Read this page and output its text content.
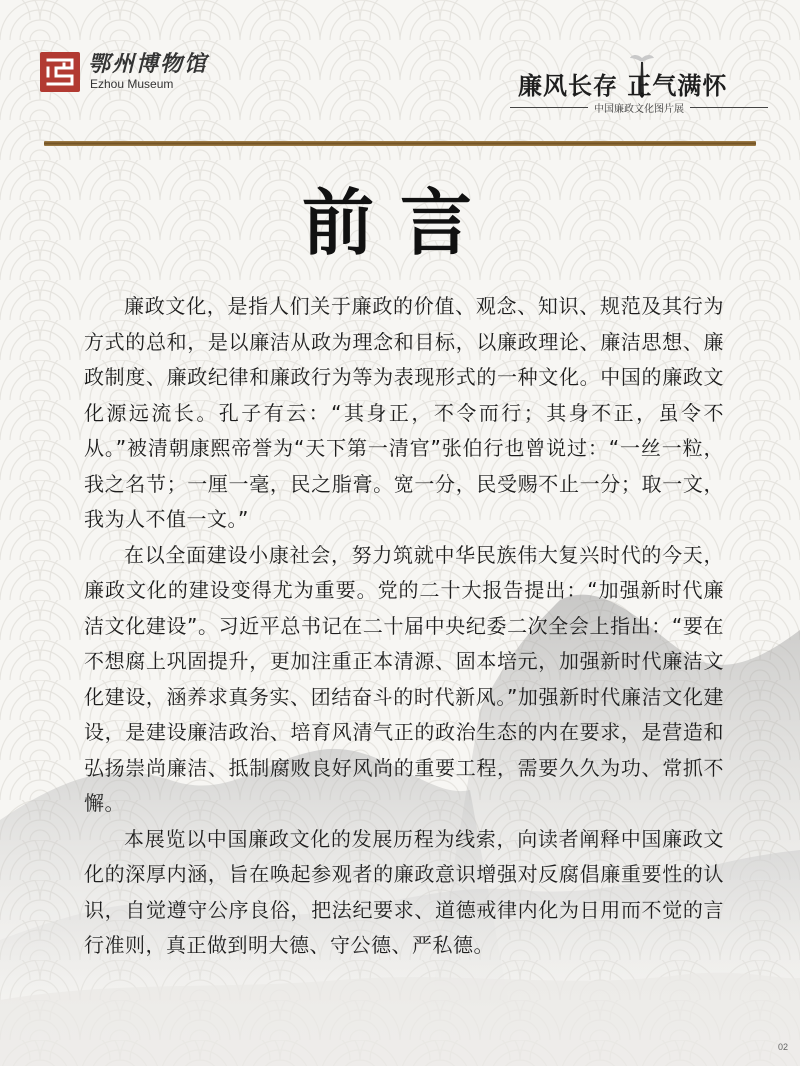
鄂州博物馆
Ezhou Museum	廉风长存 正气满怀
中国廉政文化图片展
前言

廉政文化，是指人们关于廉政的价值、观念、知识、规范及其行为方式的总和，是以廉洁从政为理念和目标，以廉政理论、廉洁思想、廉政制度、廉政纪律和廉政行为等为表现形式的一种文化。中国的廉政文化源远流长。孔子有云：“其身正，不令而行；其身不正，虽令不从。”被清朝康熙帝誉为“天下第一清官”张伯行也曾说过：“一丝一粒，我之名节；一厘一毫，民之脂膏。宽一分，民受赐不止一分；取一文，我为人不值一文。”

在以全面建设小康社会，努力筑就中华民族伟大复兴时代的今天，廉政文化的建设变得尤为重要。党的二十大报告提出：“加强新时代廉洁文化建设”。习近平总书记在二十届中央纪委二次全会上指出：“要在不想腐上巩固提升，更加注重正本清源、固本培元，加强新时代廉洁文化建设，涵养求真务实、团结奋斗的时代新风。”加强新时代廉洁文化建设，是建设廉洁政治、培育风清气正的政治生态的内在要求，是营造和弘扬崇尚廉洁、抵制腐败良好风尚的重要工程，需要久久为功、常抓不懈。

本展览以中国廉政文化的发展历程为线索，向读者阐释中国廉政文化的深厚内涵，旨在唤起参观者的廉政意识增强对反腐倡廉重要性的认识，自觉遵守公序良俗，把法纪要求、道德戒律内化为日用而不觉的言行准则，真正做到明大德、守公德、严私德。

02
